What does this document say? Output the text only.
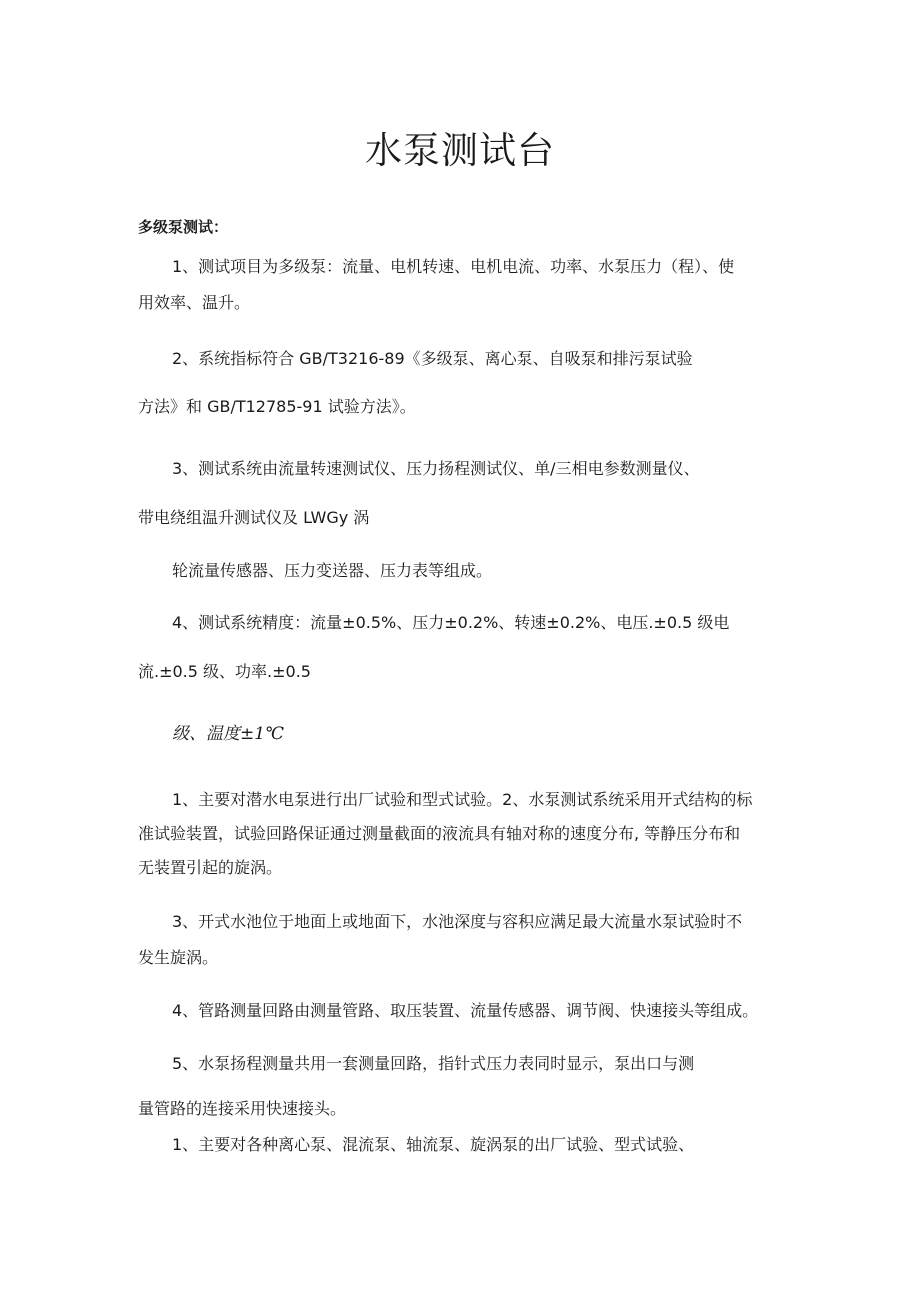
水泵测试台
多级泵测试：
1、测试项目为多级泵：流量、电机转速、电机电流、功率、水泵压力（程）、使
用效率、温升。
2、系统指标符合 GB/T3216-89《多级泵、离心泵、自吸泵和排污泵试验
方法》和 GB/T12785-91 试验方法》。
3、测试系统由流量转速测试仪、压力扬程测试仪、单/三相电参数测量仪、
带电绕组温升测试仪及 LWGy 涡
轮流量传感器、压力变送器、压力表等组成。
4、测试系统精度：流量±0.5%、压力±0.2%、转速±0.2%、电压.±0.5 级电
流.±0.5 级、功率.±0.5
级、温度±1℃
1、主要对潜水电泵进行出厂试验和型式试验。2、水泵测试系统采用开式结构的标
准试验装置，试验回路保证通过测量截面的液流具有轴对称的速度分布, 等静压分布和
无装置引起的旋涡。
3、开式水池位于地面上或地面下，水池深度与容积应满足最大流量水泵试验时不
发生旋涡。
4、管路测量回路由测量管路、取压装置、流量传感器、调节阀、快速接头等组成。
5、水泵扬程测量共用一套测量回路，指针式压力表同时显示，泵出口与测
量管路的连接采用快速接头。
1、主要对各种离心泵、混流泵、轴流泵、旋涡泵的出厂试验、型式试验、
